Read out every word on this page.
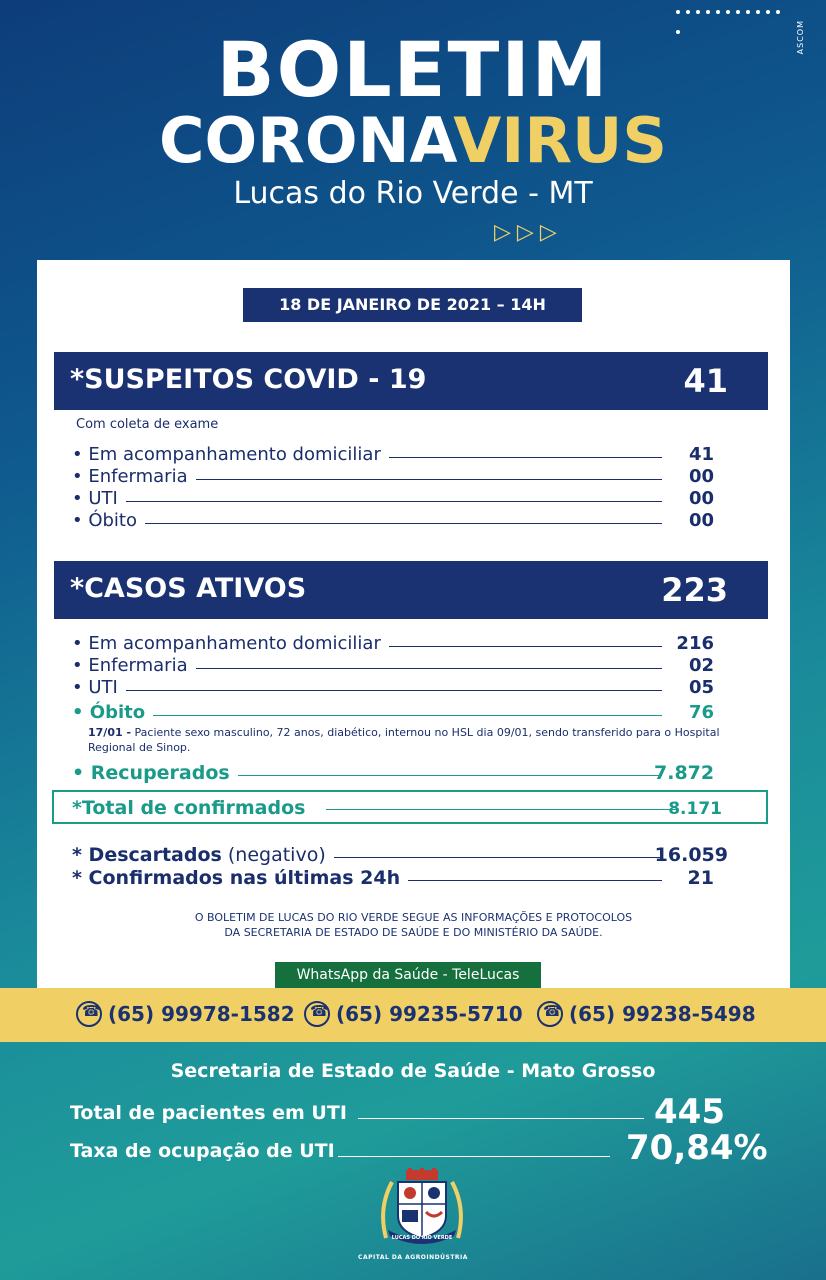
ASCOM
BOLETIM
CORONAVIRUS
Lucas do Rio Verde - MT
▷▷▷
18 DE JANEIRO DE 2021 – 14H
*SUSPEITOS COVID - 19	41
Com coleta de exame
• Em acompanhamento domiciliar	41
• Enfermaria	00
• UTI	00
• Óbito	00
*CASOS ATIVOS	223
• Em acompanhamento domiciliar	216
• Enfermaria	02
• UTI	05
• Óbito	76
17/01 - Paciente sexo masculino, 72 anos, diabético, internou no HSL dia 09/01, sendo transferido para o Hospital Regional de Sinop.
• Recuperados	7.872
*Total de confirmados	8.171
* Descartados (negativo)	16.059
* Confirmados nas últimas 24h	21
O BOLETIM DE LUCAS DO RIO VERDE SEGUE AS INFORMAÇÕES E PROTOCOLOS
DA SECRETARIA DE ESTADO DE SAÚDE E DO MINISTÉRIO DA SAÚDE.
WhatsApp da Saúde - TeleLucas
☎(65) 99978-1582 ☎	(65) 99235-5710 ☎	(65) 99238-5498
Secretaria de Estado de Saúde - Mato Grosso
Total de pacientes em UTI	445
Taxa de ocupação de UTI	70,84%
LUCAS DO RIO VERDE
CAPITAL DA AGROINDÚSTRIA
